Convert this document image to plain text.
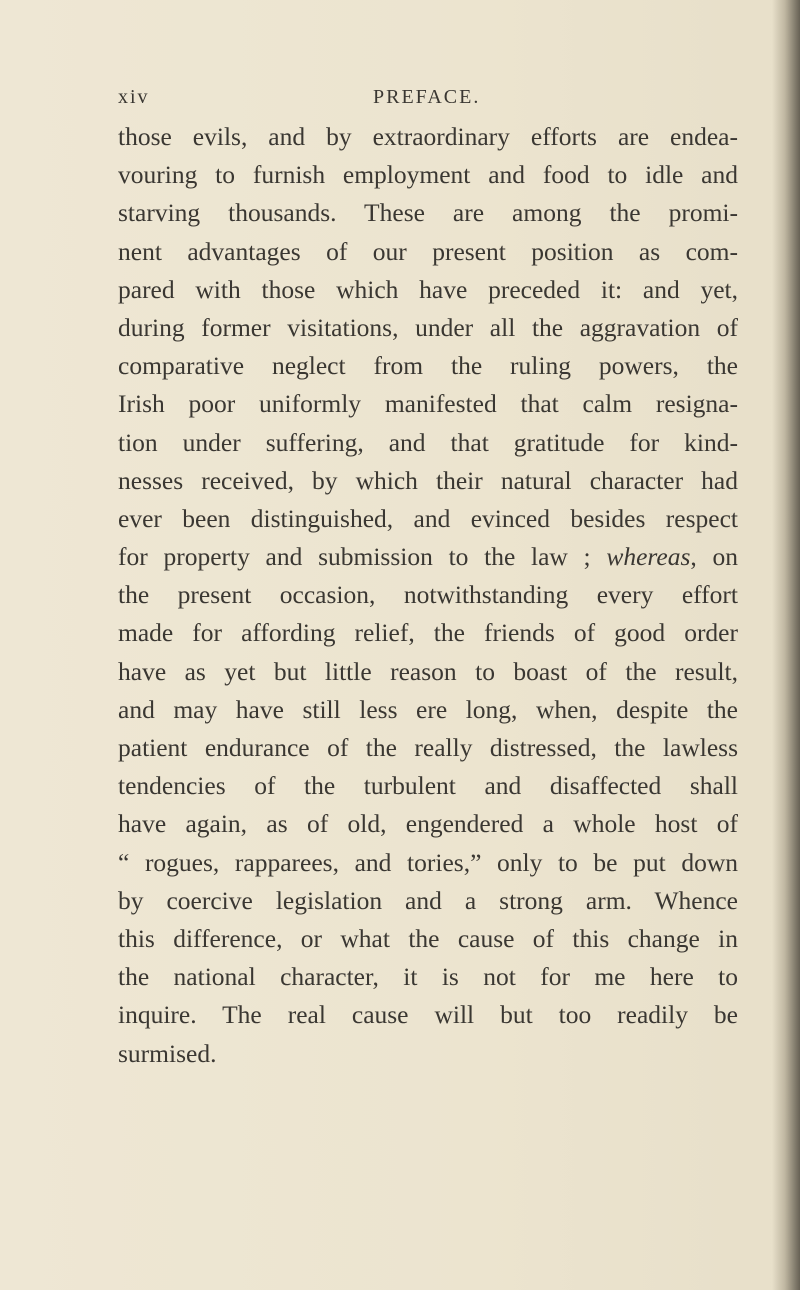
xiv	PREFACE.
those evils, and by extraordinary efforts are endea-
vouring to furnish employment and food to idle and
starving thousands. These are among the promi-
nent advantages of our present position as com-
pared with those which have preceded it: and yet,
during former visitations, under all the aggravation of
comparative neglect from the ruling powers, the
Irish poor uniformly manifested that calm resigna-
tion under suffering, and that gratitude for kind-
nesses received, by which their natural character had
ever been distinguished, and evinced besides respect
for property and submission to the law ; whereas, on
the present occasion, notwithstanding every effort
made for affording relief, the friends of good order
have as yet but little reason to boast of the result,
and may have still less ere long, when, despite the
patient endurance of the really distressed, the lawless
tendencies of the turbulent and disaffected shall
have again, as of old, engendered a whole host of
“ rogues, rapparees, and tories,” only to be put down
by coercive legislation and a strong arm. Whence
this difference, or what the cause of this change in
the national character, it is not for me here to
inquire. The real cause will but too readily be
surmised.
